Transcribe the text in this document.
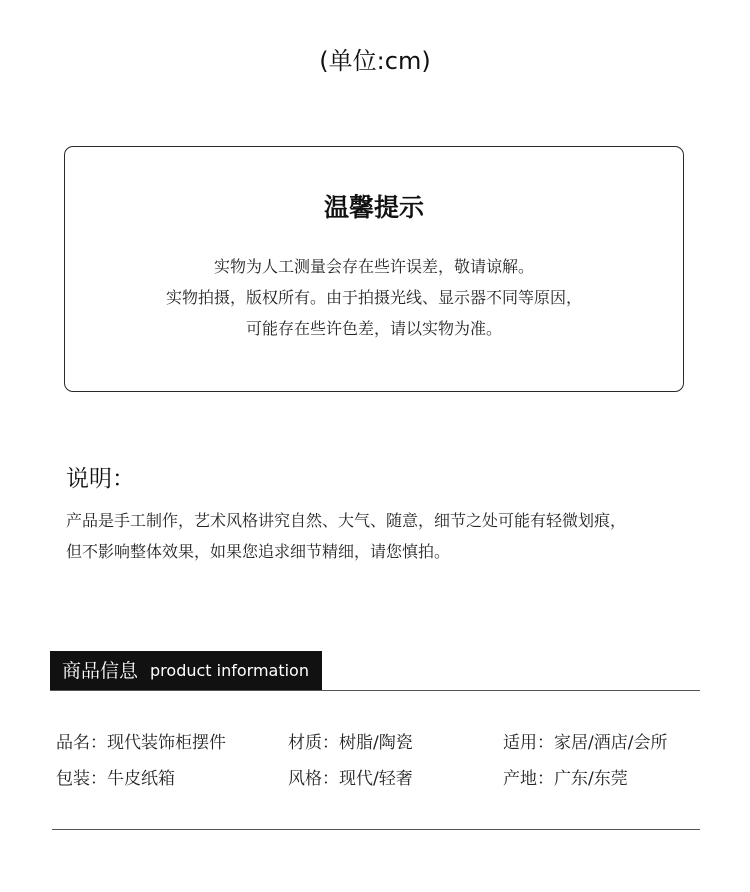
(单位:cm)
温馨提示
实物为人工测量会存在些许误差，敬请谅解。
实物拍摄，版权所有。由于拍摄光线、显示器不同等原因，
可能存在些许色差，请以实物为准。
说明：
产品是手工制作，艺术风格讲究自然、大气、随意，细节之处可能有轻微划痕，
但不影响整体效果，如果您追求细节精细，请您慎拍。
商品信息 product information
品名：现代装饰柜摆件	材质：树脂/陶瓷	适用：家居/酒店/会所
包装：牛皮纸箱	风格：现代/轻奢	产地：广东/东莞
